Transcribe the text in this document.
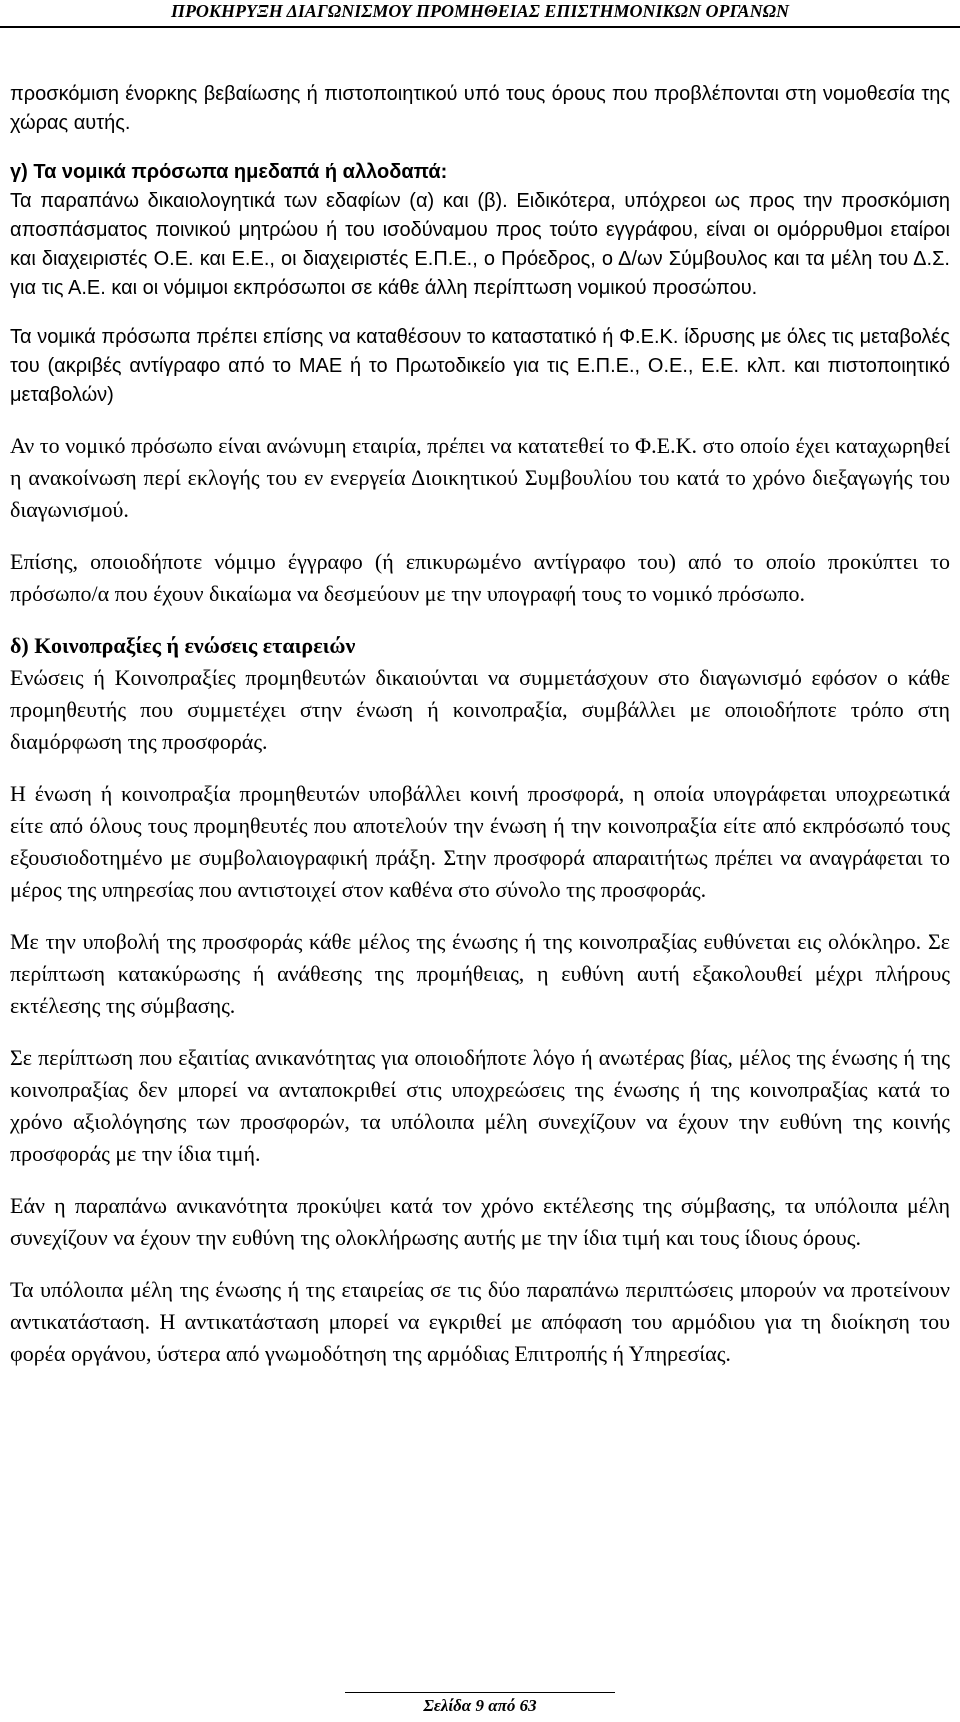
ΠΡΟΚΗΡΥΞΗ ΔΙΑΓΩΝΙΣΜΟΥ ΠΡΟΜΗΘΕΙΑΣ ΕΠΙΣΤΗΜΟΝΙΚΩΝ ΟΡΓΑΝΩΝ

προσκόμιση ένορκης βεβαίωσης ή πιστοποιητικού υπό τους όρους που προβλέπονται στη νομοθεσία της χώρας αυτής.

γ) Τα νομικά πρόσωπα ημεδαπά ή αλλοδαπά:

Τα παραπάνω δικαιολογητικά των εδαφίων (α) και (β). Ειδικότερα, υπόχρεοι ως προς την προσκόμιση αποσπάσματος ποινικού μητρώου ή του ισοδύναμου προς τούτο εγγράφου, είναι οι ομόρρυθμοι εταίροι και διαχειριστές Ο.Ε. και Ε.Ε., οι διαχειριστές Ε.Π.Ε., ο Πρόεδρος, ο Δ/ων Σύμβουλος και τα μέλη του Δ.Σ. για τις Α.Ε. και οι νόμιμοι εκπρόσωποι σε κάθε άλλη περίπτωση νομικού προσώπου.

Τα νομικά πρόσωπα πρέπει επίσης να καταθέσουν το καταστατικό ή Φ.Ε.Κ. ίδρυσης με όλες τις μεταβολές του (ακριβές αντίγραφο από το ΜΑΕ ή το Πρωτοδικείο για τις Ε.Π.Ε., Ο.Ε., Ε.Ε. κλπ. και πιστοποιητικό μεταβολών)

Αν το νομικό πρόσωπο είναι ανώνυμη εταιρία, πρέπει να κατατεθεί το Φ.Ε.Κ. στο οποίο έχει καταχωρηθεί η ανακοίνωση περί εκλογής του εν ενεργεία Διοικητικού Συμβουλίου του κατά το χρόνο διεξαγωγής του διαγωνισμού.

Επίσης, οποιοδήποτε νόμιμο έγγραφο (ή επικυρωμένο αντίγραφο του) από το οποίο προκύπτει το πρόσωπο/α που έχουν δικαίωμα να δεσμεύουν με την υπογραφή τους το νομικό πρόσωπο.

δ) Κοινοπραξίες ή ενώσεις εταιρειών

Ενώσεις ή Κοινοπραξίες προμηθευτών δικαιούνται να συμμετάσχουν στο διαγωνισμό εφόσον ο κάθε προμηθευτής που συμμετέχει στην ένωση ή κοινοπραξία, συμβάλλει με οποιοδήποτε τρόπο στη διαμόρφωση της προσφοράς.

Η ένωση ή κοινοπραξία προμηθευτών υποβάλλει κοινή προσφορά, η οποία υπογράφεται υποχρεωτικά είτε από όλους τους προμηθευτές που αποτελούν την ένωση ή την κοινοπραξία είτε από εκπρόσωπό τους εξουσιοδοτημένο με συμβολαιογραφική πράξη. Στην προσφορά απαραιτήτως πρέπει να αναγράφεται το μέρος της υπηρεσίας που αντιστοιχεί στον καθένα στο σύνολο της προσφοράς.

Με την υποβολή της προσφοράς κάθε μέλος της ένωσης ή της κοινοπραξίας ευθύνεται εις ολόκληρο. Σε περίπτωση κατακύρωσης ή ανάθεσης της προμήθειας, η ευθύνη αυτή εξακολουθεί μέχρι πλήρους εκτέλεσης της σύμβασης.

Σε περίπτωση που εξαιτίας ανικανότητας για οποιοδήποτε λόγο ή ανωτέρας βίας, μέλος της ένωσης ή της κοινοπραξίας δεν μπορεί να ανταποκριθεί στις υποχρεώσεις της ένωσης ή της κοινοπραξίας κατά το χρόνο αξιολόγησης των προσφορών, τα υπόλοιπα μέλη συνεχίζουν να έχουν την ευθύνη της κοινής προσφοράς με την ίδια τιμή.

Εάν η παραπάνω ανικανότητα προκύψει κατά τον χρόνο εκτέλεσης της σύμβασης, τα υπόλοιπα μέλη συνεχίζουν να έχουν την ευθύνη της ολοκλήρωσης αυτής με την ίδια τιμή και τους ίδιους όρους.

Τα υπόλοιπα μέλη της ένωσης ή της εταιρείας σε τις δύο παραπάνω περιπτώσεις μπορούν να προτείνουν αντικατάσταση. Η αντικατάσταση μπορεί να εγκριθεί με απόφαση του αρμόδιου για τη διοίκηση του φορέα οργάνου, ύστερα από γνωμοδότηση της αρμόδιας Επιτροπής ή Υπηρεσίας.

Σελίδα 9 από 63
